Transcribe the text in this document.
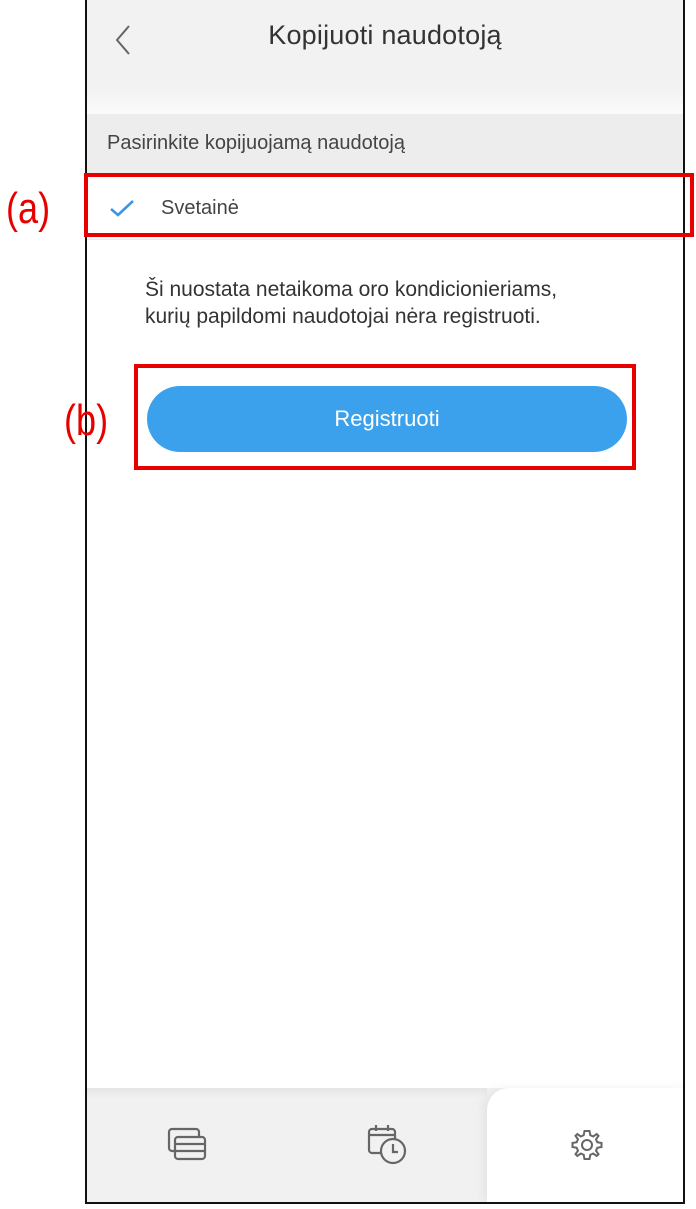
Kopijuoti naudotoją
Pasirinkite kopijuojamą naudotoją
Svetainė
Ši nuostata netaikoma oro kondicionieriams,
kurių papildomi naudotojai nėra registruoti.
Registruoti
(a)
(b)
